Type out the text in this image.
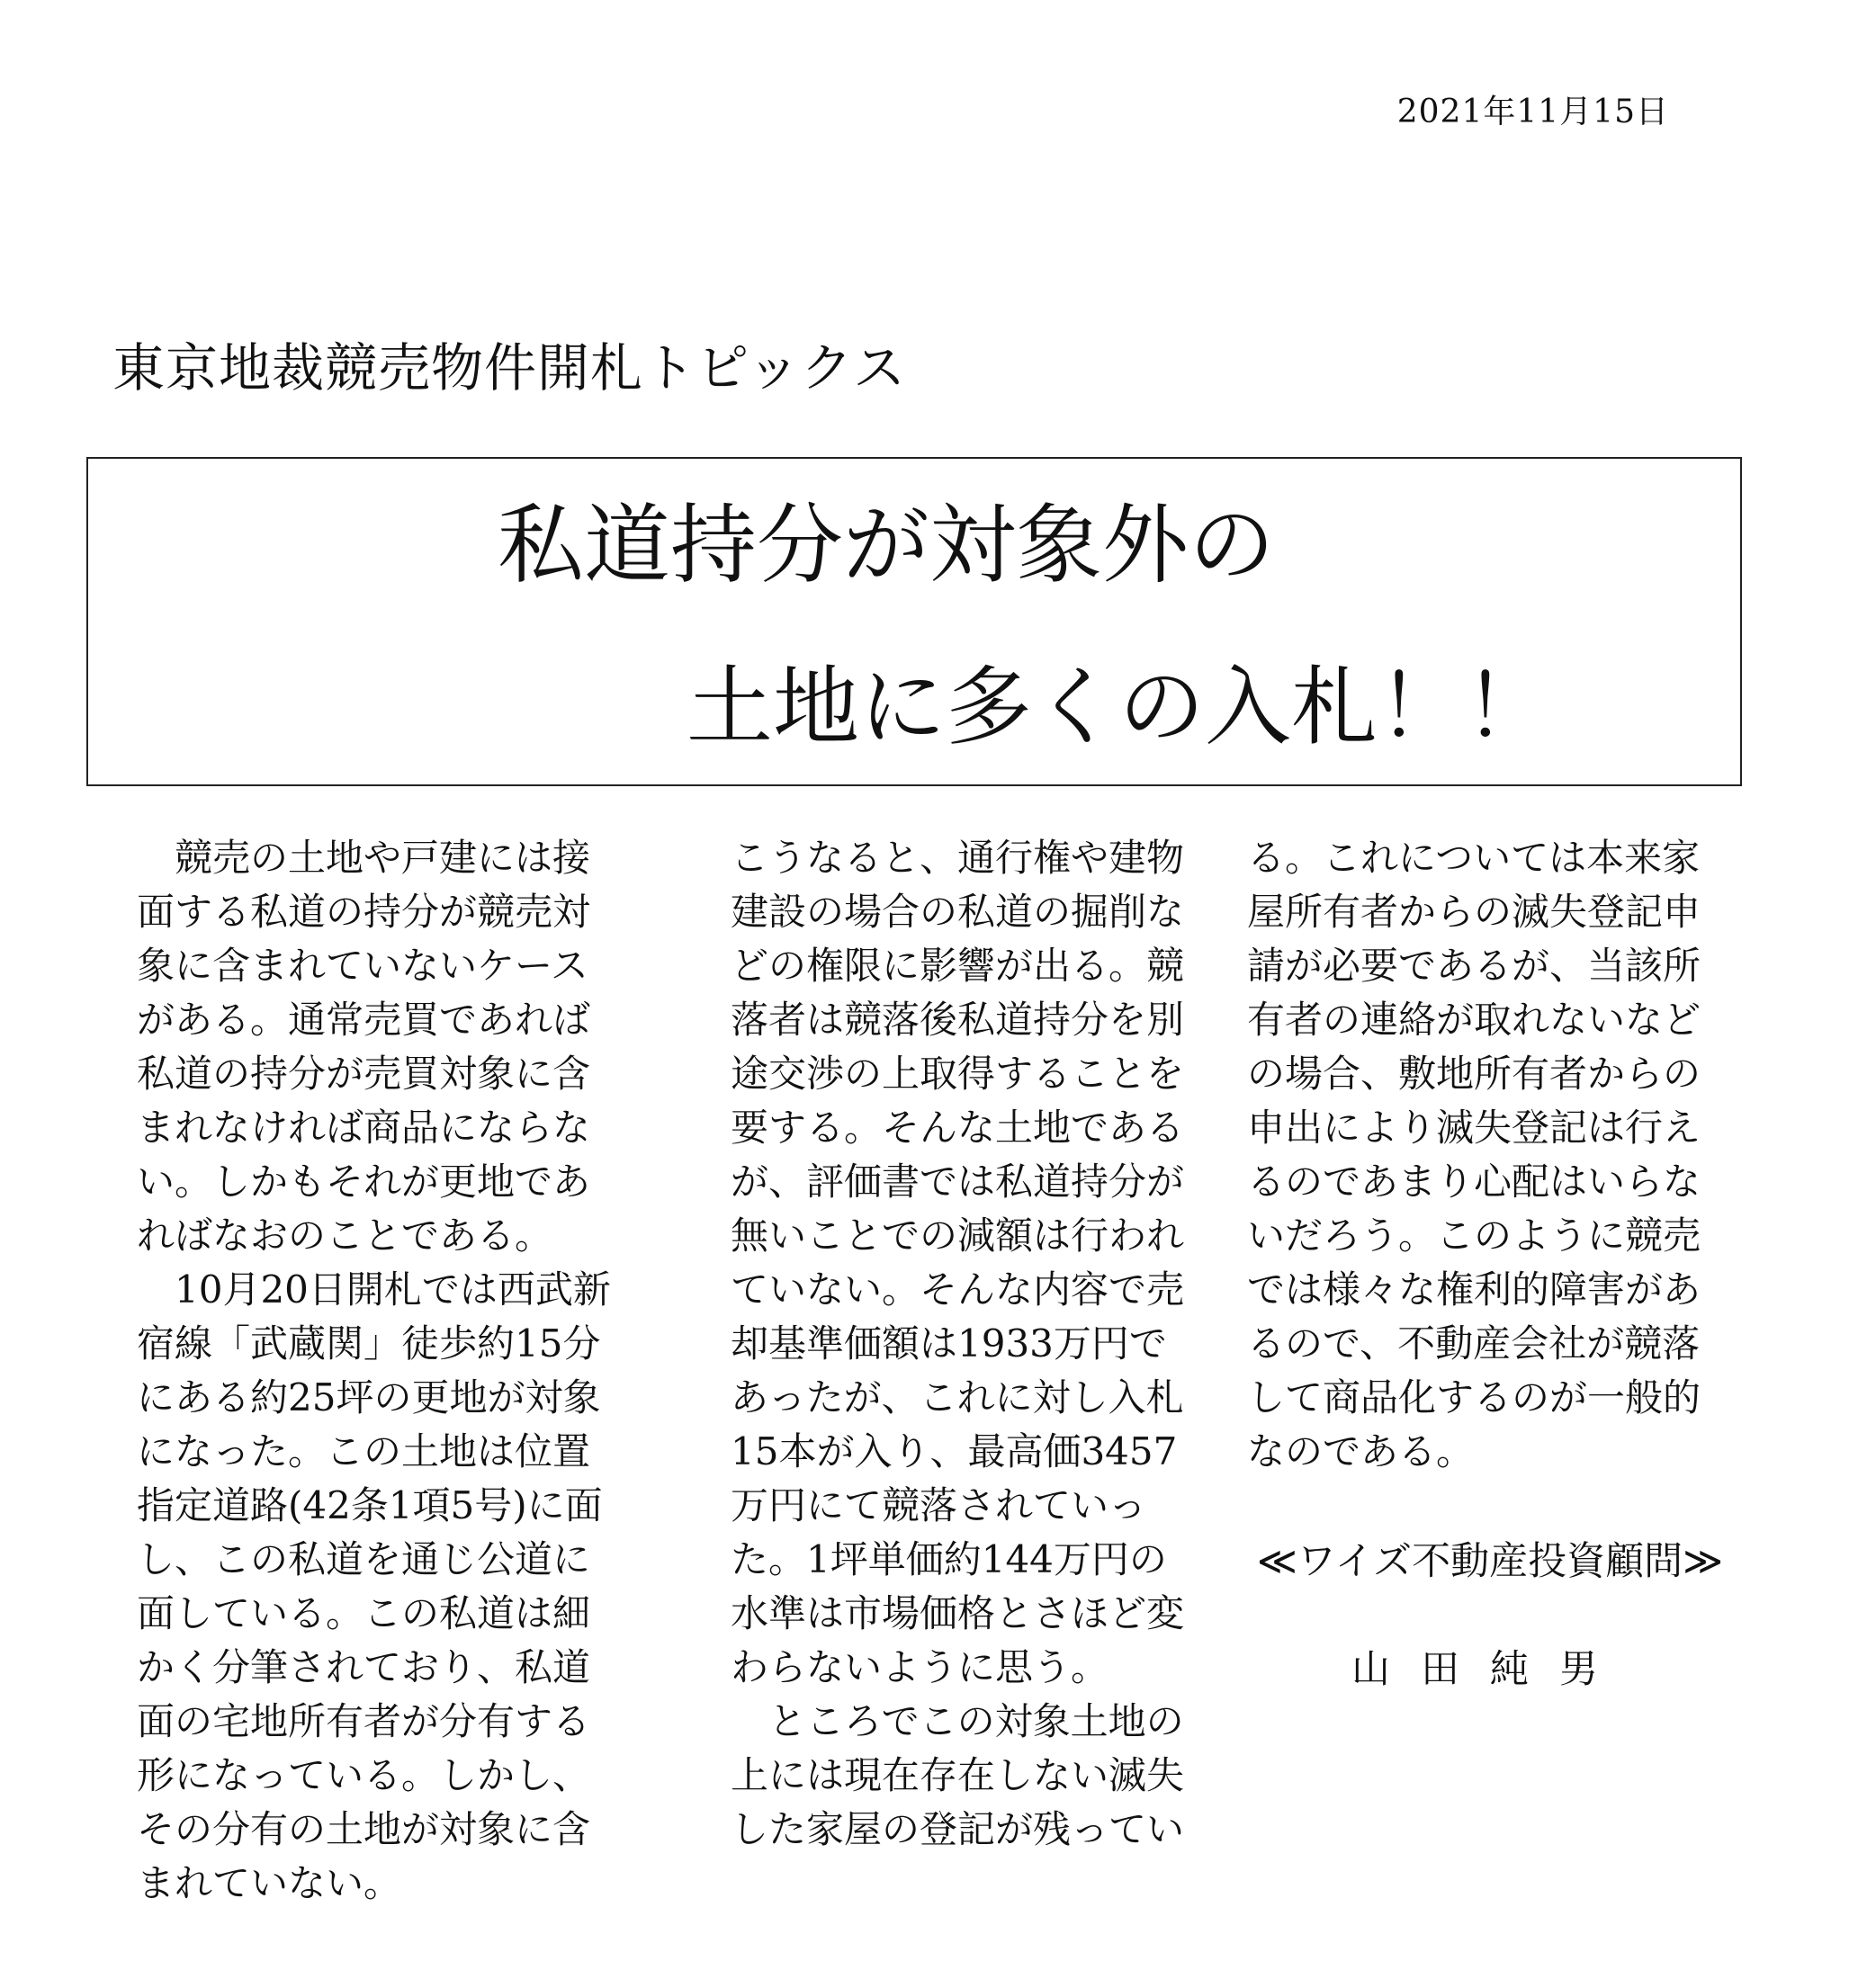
2021年11月15日
東京地裁競売物件開札トピックス
私道持分が対象外の
土地に多くの入札！！

競売の土地や戸建には接面する私道の持分が競売対象に含まれていないケースがある。通常売買であれば私道の持分が売買対象に含まれなければ商品にならない。しかもそれが更地であればなおのことである。

10月20日開札では西武新宿線「武蔵関」徒歩約15分にある約25坪の更地が対象になった。この土地は位置指定道路(42条1項5号)に面し、この私道を通じ公道に面している。この私道は細かく分筆されており、私道面の宅地所有者が分有する形になっている。しかし、その分有の土地が対象に含まれていない。

こうなると、通行権や建物建設の場合の私道の掘削などの権限に影響が出る。競落者は競落後私道持分を別途交渉の上取得することを要する。そんな土地であるが、評価書では私道持分が無いことでの減額は行われていない。そんな内容で売却基準価額は1933万円であったが、これに対し入札15本が入り、最高価3457万円にて競落されていった。1坪単価約144万円の水準は市場価格とさほど変わらないように思う。

ところでこの対象土地の上には現在存在しない滅失した家屋の登記が残ってい

る。これについては本来家屋所有者からの滅失登記申請が必要であるが、当該所有者の連絡が取れないなどの場合、敷地所有者からの申出により滅失登記は行えるのであまり心配はいらないだろう。このように競売では様々な権利的障害があるので、不動産会社が競落して商品化するのが一般的なのである。

≪ワイズ不動産投資顧問≫
山田純男
